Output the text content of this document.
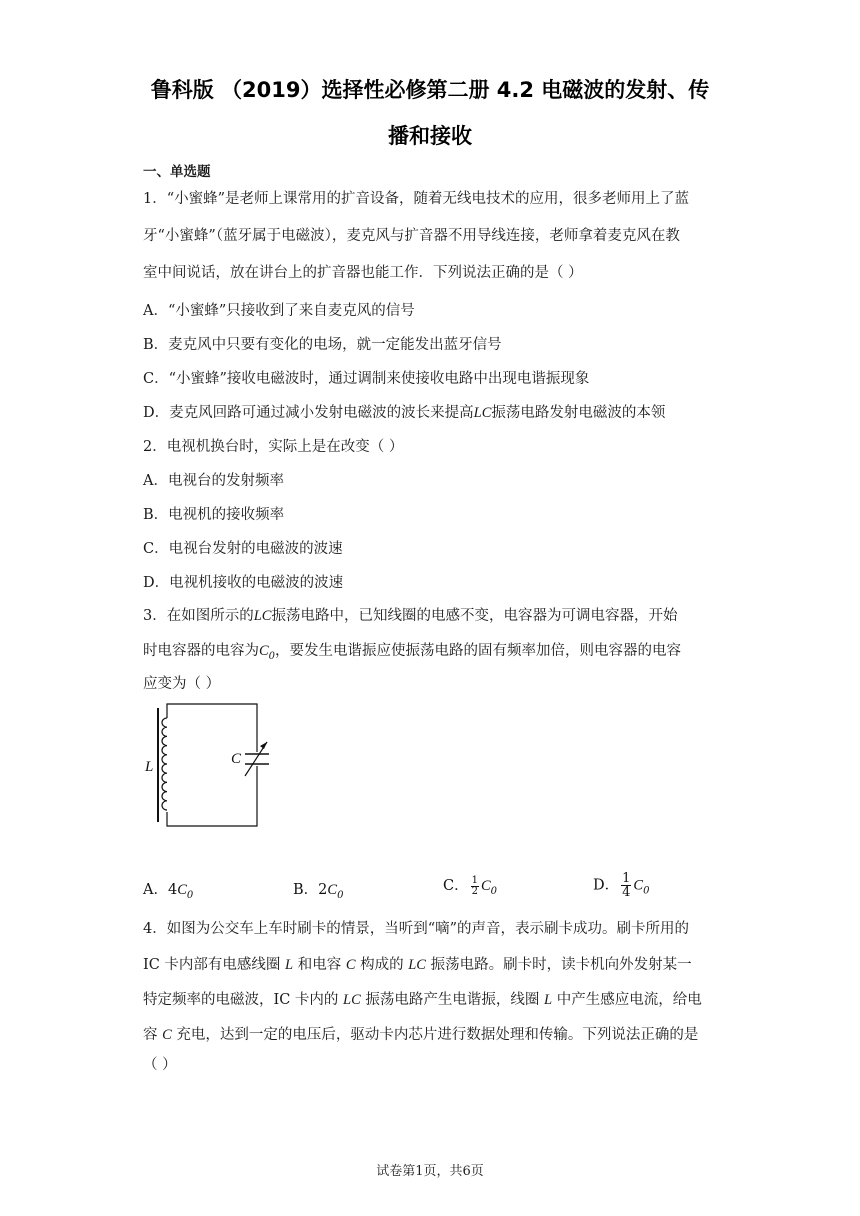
鲁科版 （2019）选择性必修第二册 4.2 电磁波的发射、传
播和接收
一、单选题
1．“小蜜蜂”是老师上课常用的扩音设备，随着无线电技术的应用，很多老师用上了蓝
牙“小蜜蜂”（蓝牙属于电磁波），麦克风与扩音器不用导线连接，老师拿着麦克风在教
室中间说话，放在讲台上的扩音器也能工作．下列说法正确的是（ ）
A．“小蜜蜂”只接收到了来自麦克风的信号
B．麦克风中只要有变化的电场，就一定能发出蓝牙信号
C．“小蜜蜂”接收电磁波时，通过调制来使接收电路中出现电谐振现象
D．麦克风回路可通过减小发射电磁波的波长来提高LC振荡电路发射电磁波的本领
2．电视机换台时，实际上是在改变（ ）
A．电视台的发射频率
B．电视机的接收频率
C．电视台发射的电磁波的波速
D．电视机接收的电磁波的波速
3．在如图所示的LC振荡电路中，已知线圈的电感不变，电容器为可调电容器，开始
时电容器的电容为$C_0$，要发生电谐振应使振荡电路的固有频率加倍，则电容器的电容
应变为（ ）
L	C
A．$4C_0$	B．$2C_0$
C． $\frac{1}{2} C_0$	D． $\frac{1}{4} C_0$
4．如图为公交车上车时刷卡的情景，当听到“嘀”的声音，表示刷卡成功。刷卡所用的
IC 卡内部有电感线圈 L 和电容 C 构成的 LC 振荡电路。刷卡时，读卡机向外发射某一
特定频率的电磁波，IC 卡内的 LC 振荡电路产生电谐振，线圈 L 中产生感应电流，给电
容 C 充电，达到一定的电压后，驱动卡内芯片进行数据处理和传输。下列说法正确的是
（ ）
试卷第1页，共6页
